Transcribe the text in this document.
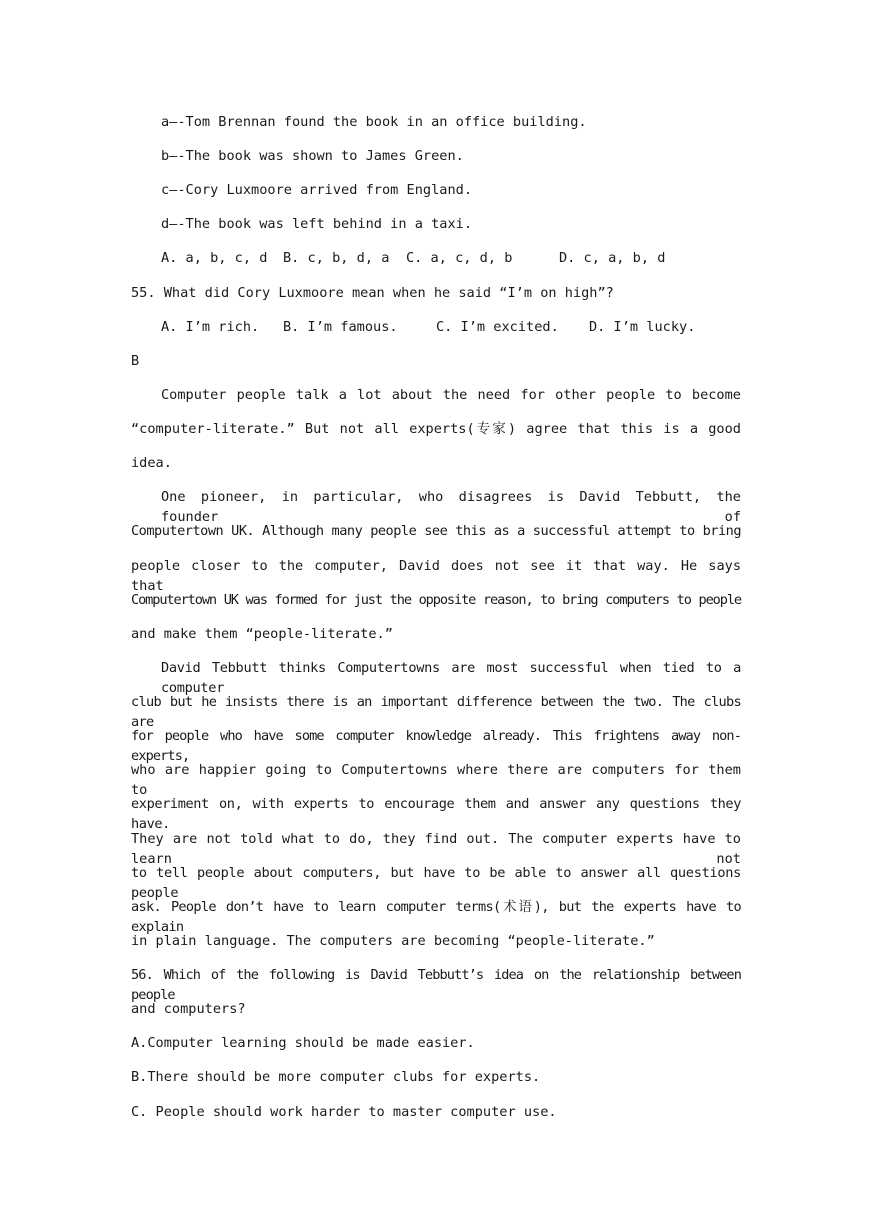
a—-Tom Brennan found the book in an office building.
b—-The book was shown to James Green.
c—-Cory Luxmoore arrived from England.
d—-The book was left behind in a taxi.
A. a, b, c, d B. c, b, d, a C. a, c, d, b	D. c, a, b, d
55. What did Cory Luxmoore mean when he said “I’m on high”?
A. I’m rich. B. I’m famous.	C. I’m excited. D. I’m lucky.
B
Computer people talk a lot about the need for other people to become
“computer-literate.” But not all experts(专家) agree that this is a good
idea.
One pioneer, in particular, who disagrees is David Tebbutt, the founder of
Computertown UK. Although many people see this as a successful attempt to bring
people closer to the computer, David does not see it that way. He says that
Computertown UK was formed for just the opposite reason, to bring computers to people
and make them “people-literate.”
David Tebbutt thinks Computertowns are most successful when tied to a computer
club but he insists there is an important difference between the two. The clubs are
for people who have some computer knowledge already. This frightens away non-experts,
who are happier going to Computertowns where there are computers for them to
experiment on, with experts to encourage them and answer any questions they have.
They are not told what to do, they find out. The computer experts have to learn not
to tell people about computers, but have to be able to answer all questions people
ask. People don’t have to learn computer terms(术语), but the experts have to explain
in plain language. The computers are becoming “people-literate.”
56. Which of the following is David Tebbutt’s idea on the relationship between people
and computers?
A.Computer learning should be made easier.
B.There should be more computer clubs for experts.
C. People should work harder to master computer use.
